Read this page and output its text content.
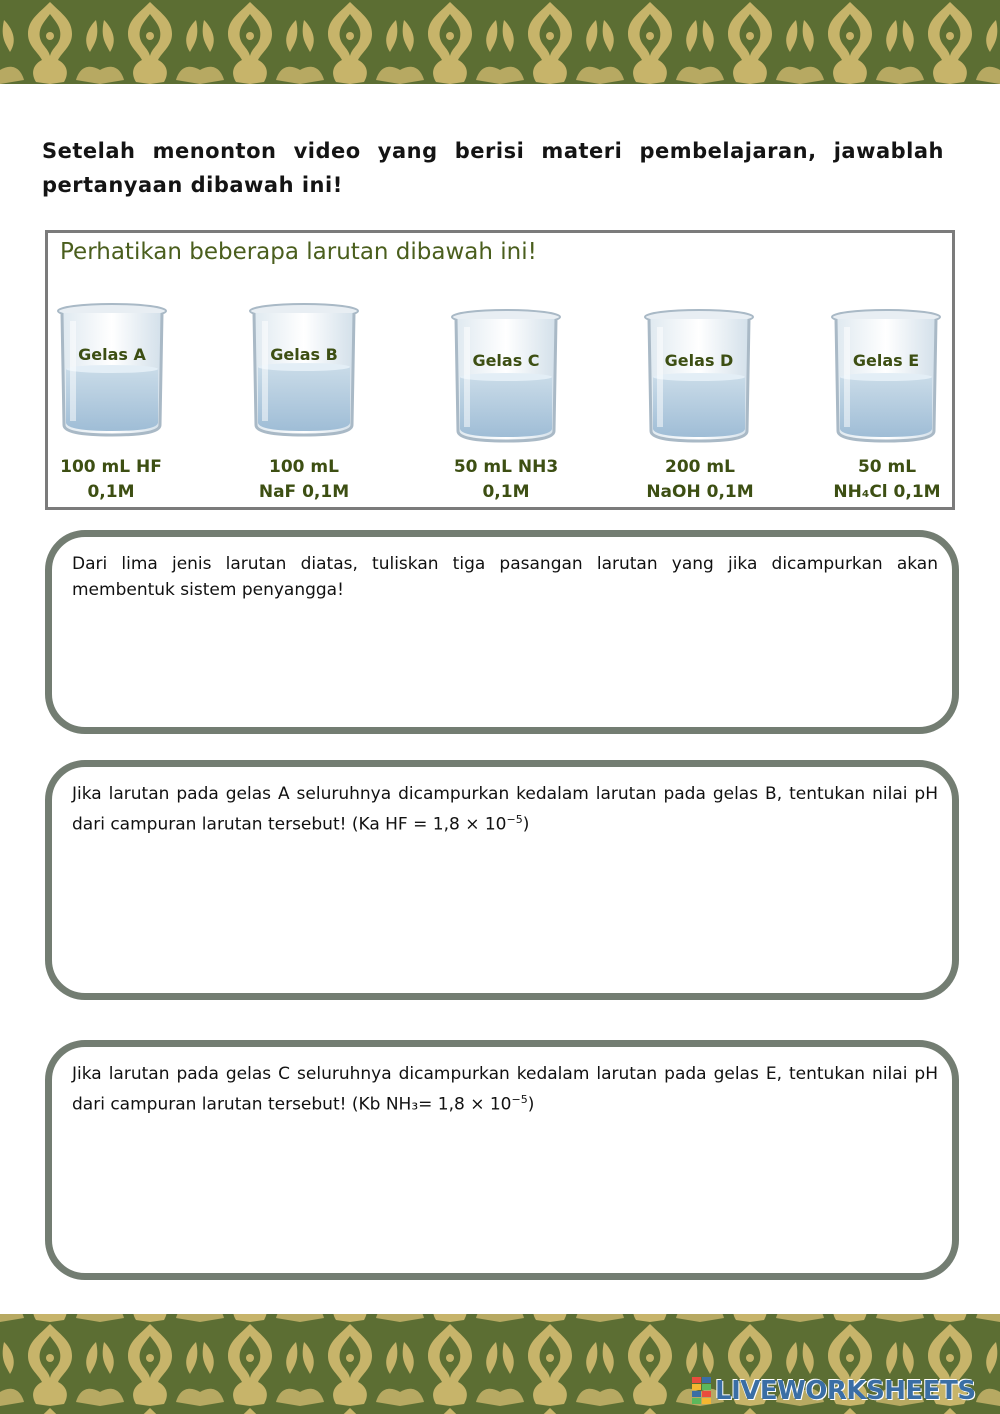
Setelah menonton video yang berisi materi pembelajaran, jawablah pertanyaan dibawah ini!
Perhatikan beberapa larutan dibawah ini!
Gelas A
100 mL HF
0,1M
Gelas B
100 mL
NaF 0,1M
Gelas C
50 mL NH3
0,1M
Gelas D
200 mL
NaOH 0,1M
Gelas E
50 mL
NH₄Cl 0,1M
Dari lima jenis larutan diatas, tuliskan tiga pasangan larutan yang jika dicampurkan akan membentuk sistem penyangga!
Jika larutan pada gelas A seluruhnya dicampurkan kedalam larutan pada gelas B, tentukan nilai pH dari campuran larutan tersebut! (Ka HF = $1,8 \times 10^{-5}$)
Jika larutan pada gelas C seluruhnya dicampurkan kedalam larutan pada gelas E, tentukan nilai pH dari campuran larutan tersebut! (Kb $NH_3= 1,8 \times 10^{-5}$)
LIVEWORKSHEETS
